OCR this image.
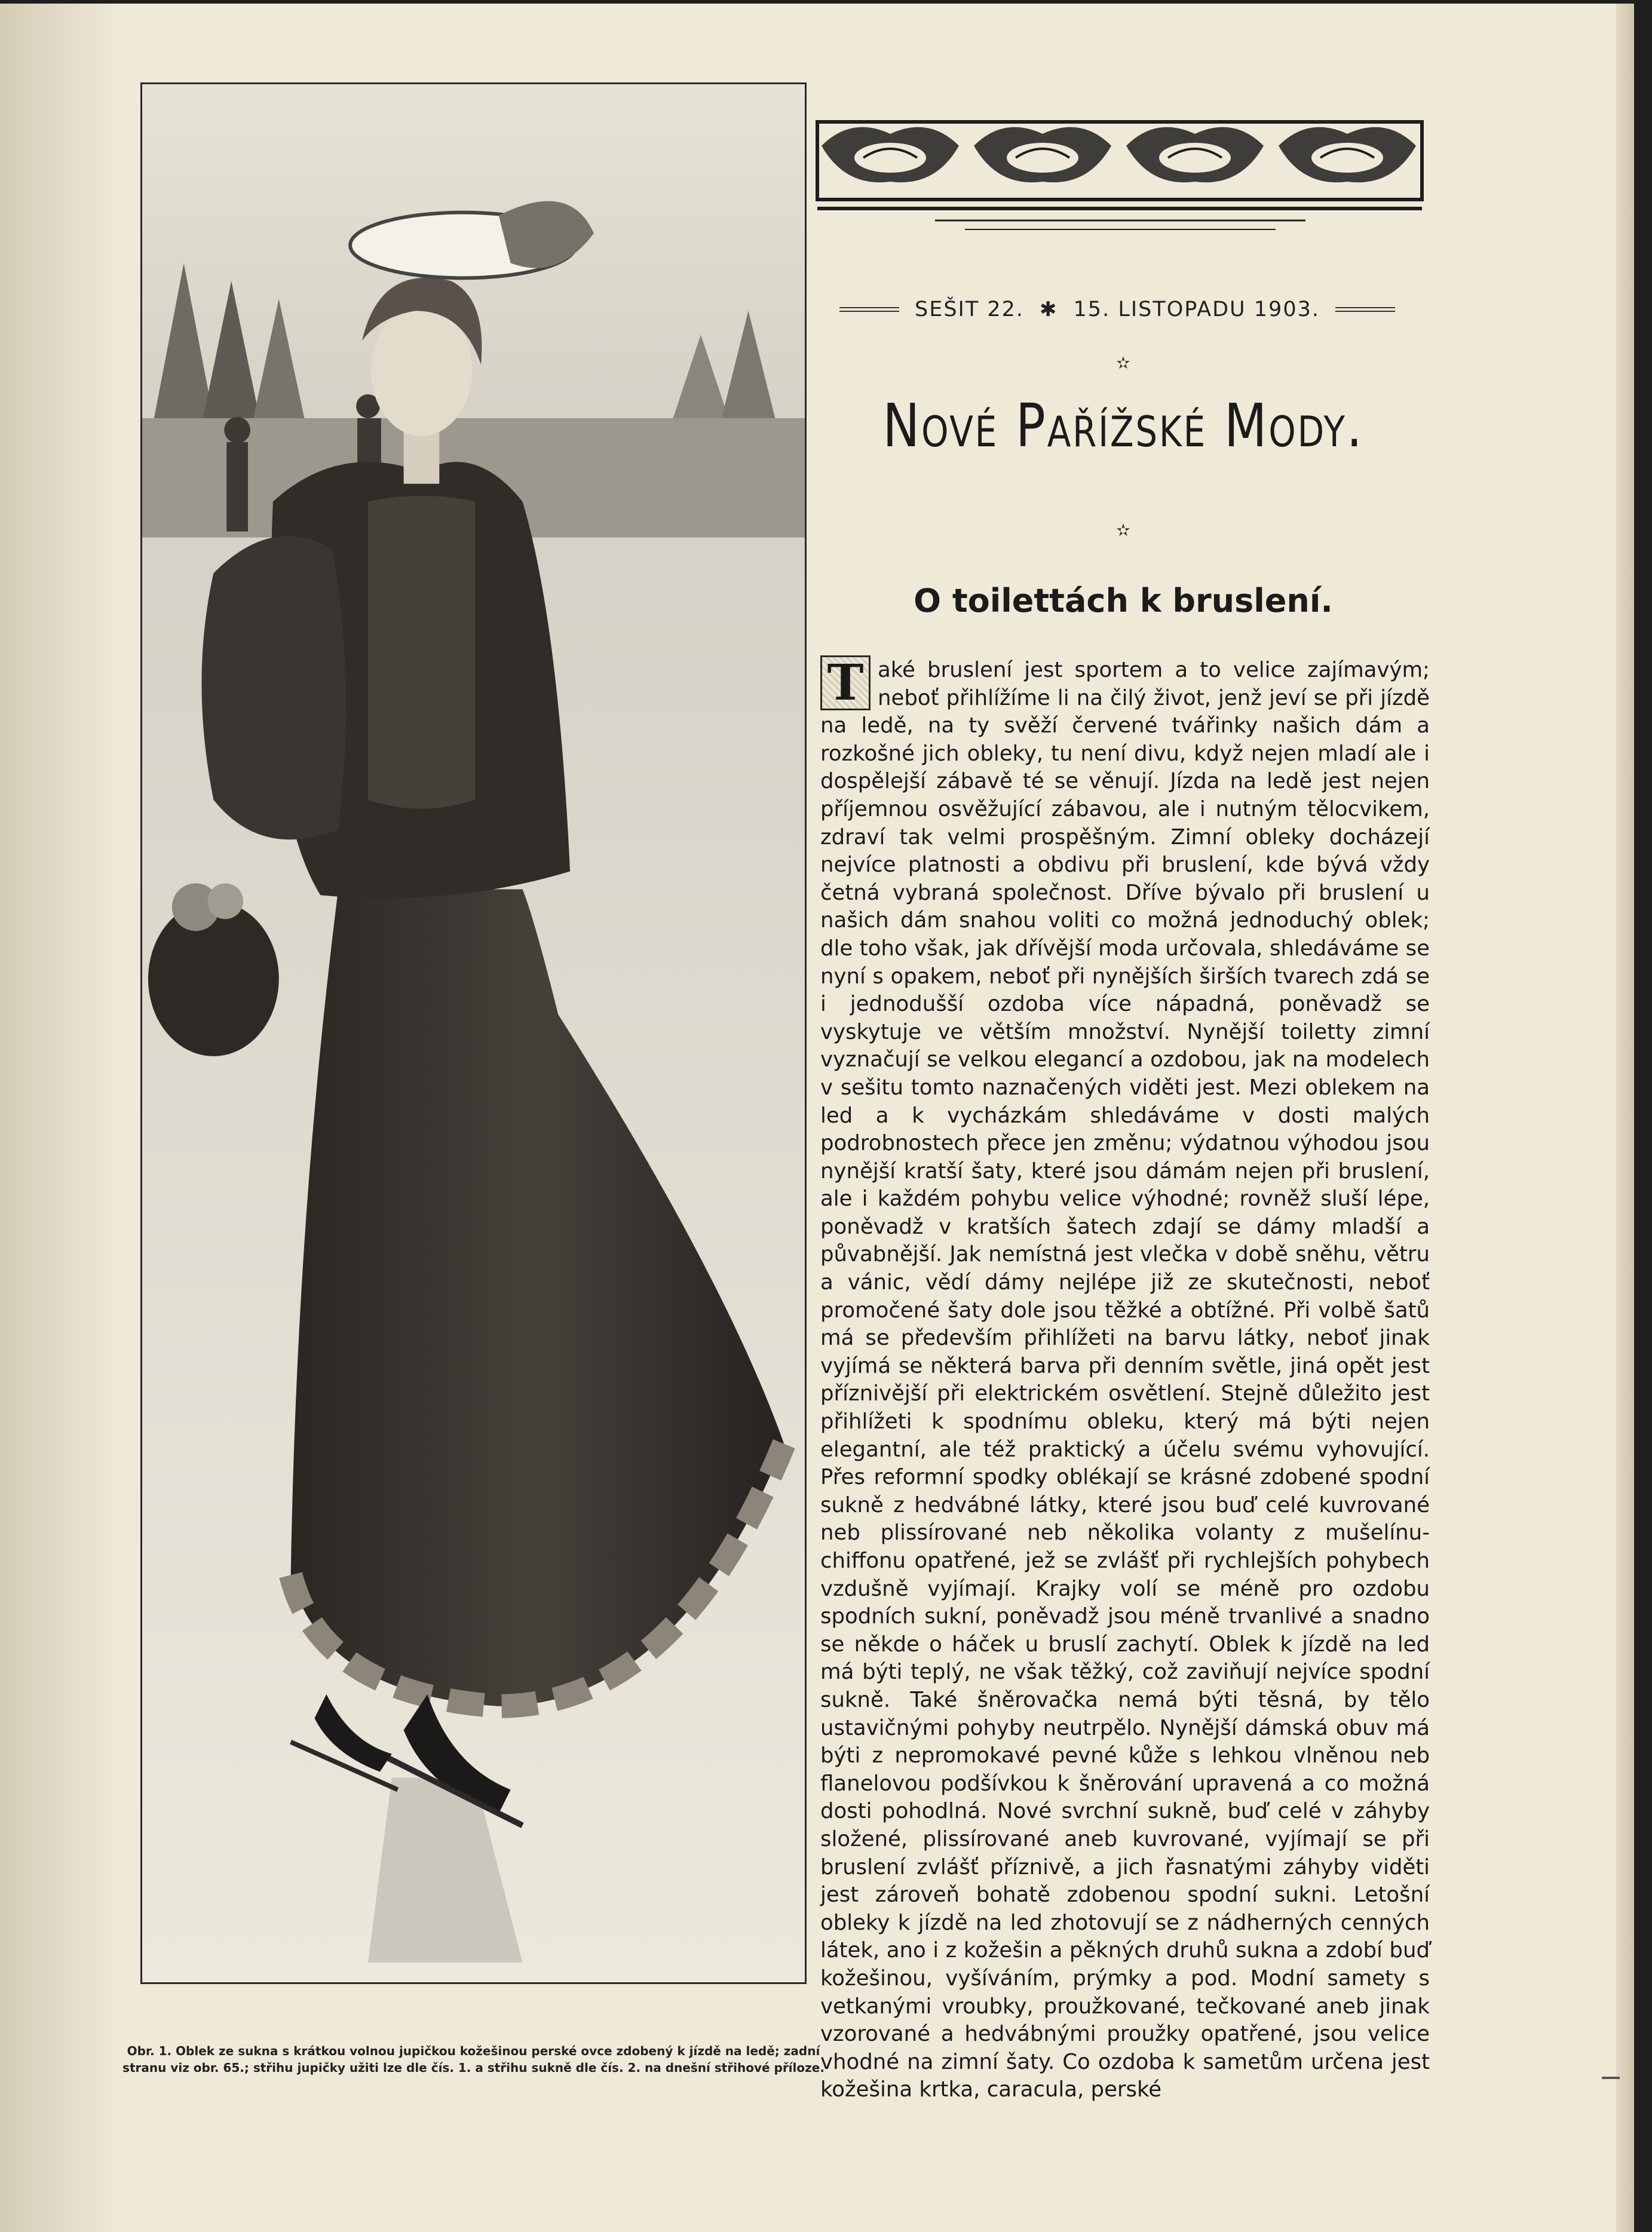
Obr. 1. Oblek ze sukna s krátkou volnou jupičkou kožešinou perské ovce zdobený k jízdě na ledě; zadní stranu viz obr. 65.; střihu jupičky užiti lze dle čís. 1. a střihu sukně dle čís. 2. na dnešní střihové příloze.
SEŠIT 22. ✱ 15. LISTOPADU 1903.
✫
Nové Pařížské Mody.
✫
O toilettách k bruslení.
T aké bruslení jest sportem a to velice zajímavým; neboť přihlížíme li na čilý život, jenž jeví se při jízdě na ledě, na ty svěží červené tvářinky našich dám a rozkošné jich obleky, tu není divu, když nejen mladí ale i dospělejší zábavě té se věnují. Jízda na ledě jest nejen příjemnou osvěžující zábavou, ale i nutným tělocvikem, zdraví tak velmi prospěšným. Zimní obleky docházejí nejvíce platnosti a obdivu při bruslení, kde bývá vždy četná vybraná společnost. Dříve bývalo při bruslení u našich dám snahou voliti co možná jednoduchý oblek; dle toho však, jak dřívější moda určovala, shledáváme se nyní s opakem, neboť při nynějších širších tvarech zdá se i jednodušší ozdoba více nápadná, poněvadž se vyskytuje ve větším množství. Nynější toiletty zimní vyznačují se velkou elegancí a ozdobou, jak na modelech v sešitu tomto naznačených viděti jest. Mezi oblekem na led a k vycházkám shledáváme v dosti malých podrobnostech přece jen změnu; výdatnou výhodou jsou nynější kratší šaty, které jsou dámám nejen při bruslení, ale i každém pohybu velice výhodné; rovněž sluší lépe, poněvadž v kratších šatech zdají se dámy mladší a půvabnější. Jak nemístná jest vlečka v době sněhu, větru a vánic, vědí dámy nejlépe již ze skutečnosti, neboť promočené šaty dole jsou těžké a obtížné. Při volbě šatů má se především přihlížeti na barvu látky, neboť jinak vyjímá se některá barva při denním světle, jiná opět jest příznivější při elektrickém osvětlení. Stejně důležito jest přihlížeti k spodnímu obleku, který má býti nejen elegantní, ale též praktický a účelu svému vyhovující. Přes reformní spodky oblékají se krásné zdobené spodní sukně z hedvábné látky, které jsou buď celé kuvrované neb plissírované neb několika volanty z mušelínu-chiffonu opatřené, jež se zvlášť při rychlejších pohybech vzdušně vyjímají. Krajky volí se méně pro ozdobu spodních sukní, poněvadž jsou méně trvanlivé a snadno se někde o háček u bruslí zachytí. Oblek k jízdě na led má býti teplý, ne však těžký, což zaviňují nejvíce spodní sukně. Také šněrovačka nemá býti těsná, by tělo ustavičnými pohyby neutrpělo. Nynější dámská obuv má býti z nepromokavé pevné kůže s lehkou vlněnou neb flanelovou podšívkou k šněrování upravená a co možná dosti pohodlná. Nové svrchní sukně, buď celé v záhyby složené, plissírované aneb kuvrované, vyjímají se při bruslení zvlášť příznivě, a jich řasnatými záhyby viděti jest zároveň bohatě zdobenou spodní sukni. Letošní obleky k jízdě na led zhotovují se z nádherných cenných látek, ano i z kožešin a pěkných druhů sukna a zdobí buď kožešinou, vyšíváním, prýmky a pod. Modní samety s vetkanými vroubky, proužkované, tečkované aneb jinak vzorované a hedvábnými proužky opatřené, jsou velice vhodné na zimní šaty. Co ozdoba k sametům určena jest kožešina krtka, caracula, perské
